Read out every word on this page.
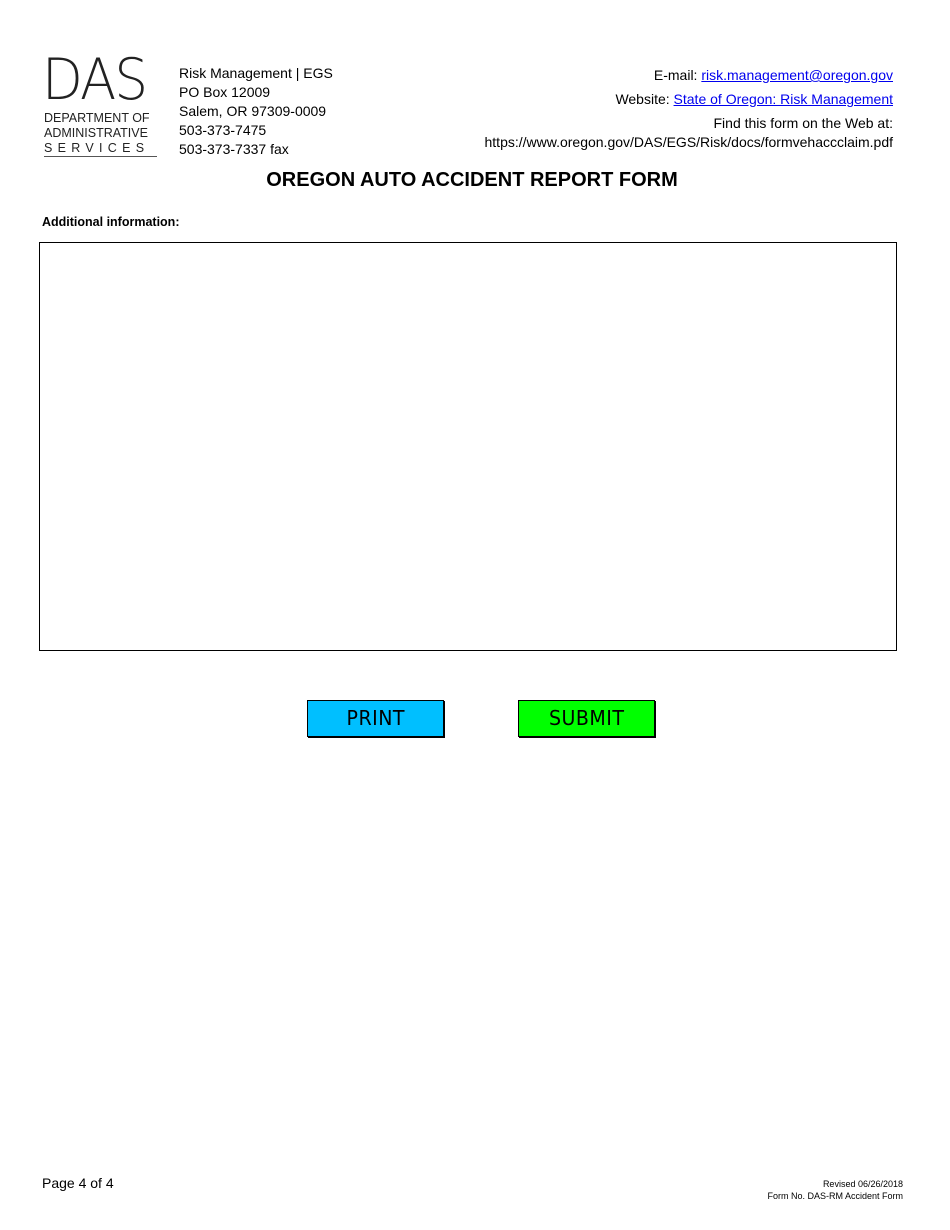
DAS
DEPARTMENT OF
ADMINISTRATIVE
SERVICES
Risk Management | EGS
PO Box 12009
Salem, OR 97309-0009
503-373-7475
503-373-7337 fax
E-mail: risk.management@oregon.gov
Website: State of Oregon: Risk Management
Find this form on the Web at:
https://www.oregon.gov/DAS/EGS/Risk/docs/formvehaccclaim.pdf
OREGON AUTO ACCIDENT REPORT FORM
Additional information:
PRINT	SUBMIT
Page 4 of 4	Revised 06/26/2018
Form No. DAS-RM Accident Form
